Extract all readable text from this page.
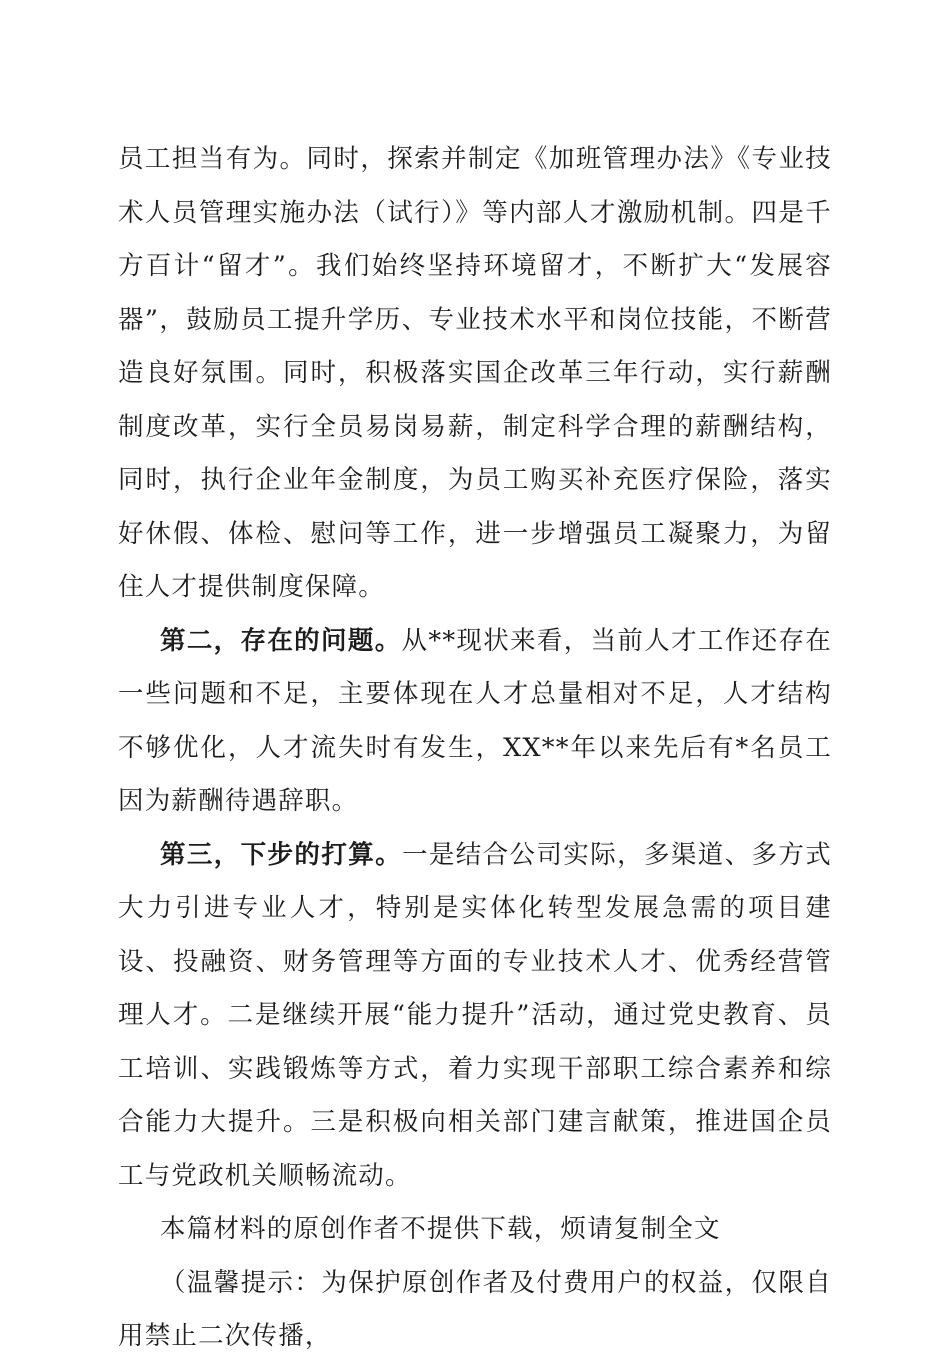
员工担当有为。同时，探索并制定《加班管理办法》《专业技术人员管理实施办法（试行）》等内部人才激励机制。四是千方百计“留才”。我们始终坚持环境留才，不断扩大“发展容器”，鼓励员工提升学历、专业技术水平和岗位技能，不断营造良好氛围。同时，积极落实国企改革三年行动，实行薪酬制度改革，实行全员易岗易薪，制定科学合理的薪酬结构，同时，执行企业年金制度，为员工购买补充医疗保险，落实好休假、体检、慰问等工作，进一步增强员工凝聚力，为留住人才提供制度保障。

第二，存在的问题。从**现状来看，当前人才工作还存在一些问题和不足，主要体现在人才总量相对不足，人才结构不够优化，人才流失时有发生，XX**年以来先后有*名员工因为薪酬待遇辞职。

第三，下步的打算。一是结合公司实际，多渠道、多方式大力引进专业人才，特别是实体化转型发展急需的项目建设、投融资、财务管理等方面的专业技术人才、优秀经营管理人才。二是继续开展“能力提升”活动，通过党史教育、员工培训、实践锻炼等方式，着力实现干部职工综合素养和综合能力大提升。三是积极向相关部门建言献策，推进国企员工与党政机关顺畅流动。

本篇材料的原创作者不提供下载，烦请复制全文

（温馨提示：为保护原创作者及付费用户的权益，仅限自用禁止二次传播，
